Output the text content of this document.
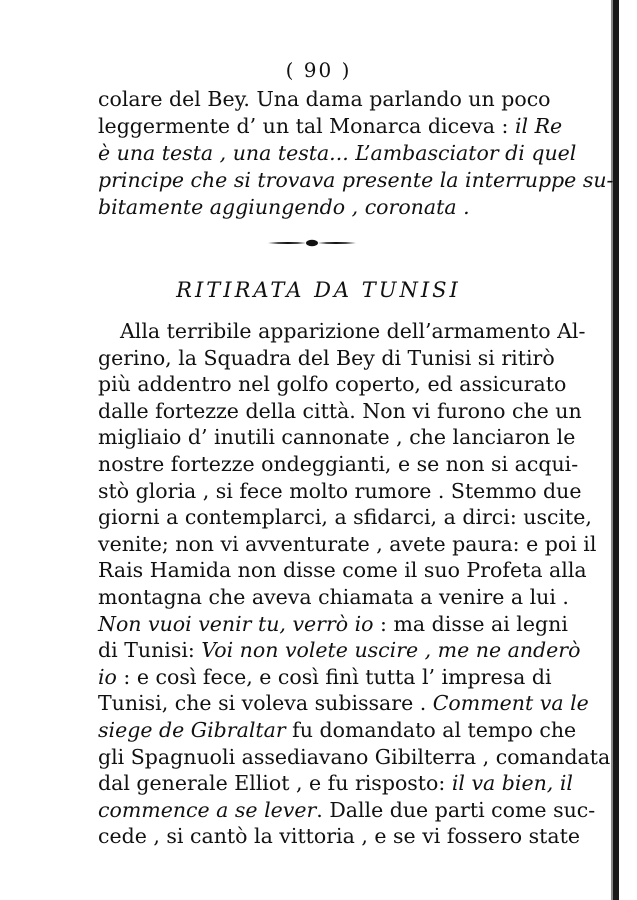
( 90 )
colare del Bey. Una dama parlando un poco
leggermente d’ un tal Monarca diceva : il Re
è una testa , una testa... L’ambasciator di quel
principe che si trovava presente la interruppe su-
bitamente aggiungendo , coronata .
RITIRATA DA TUNISI
Alla terribile apparizione dell’armamento Al-
gerino, la Squadra del Bey di Tunisi si ritirò
più addentro nel golfo coperto, ed assicurato
dalle fortezze della città. Non vi furono che un
migliaio d’ inutili cannonate , che lanciaron le
nostre fortezze ondeggianti, e se non si acqui-
stò gloria , si fece molto rumore . Stemmo due
giorni a contemplarci, a sfidarci, a dirci: uscite,
venite; non vi avventurate , avete paura: e poi il
Rais Hamida non disse come il suo Profeta alla
montagna che aveva chiamata a venire a lui .
Non vuoi venir tu, verrò io : ma disse ai legni
di Tunisi: Voi non volete uscire , me ne anderò
io : e così fece, e così finì tutta l’ impresa di
Tunisi, che si voleva subissare . Comment va le
siege de Gibraltar fu domandato al tempo che
gli Spagnuoli assediavano Gibilterra , comandata
dal generale Elliot , e fu risposto: il va bien, il
commence a se lever. Dalle due parti come suc-
cede , si cantò la vittoria , e se vi fossero state
